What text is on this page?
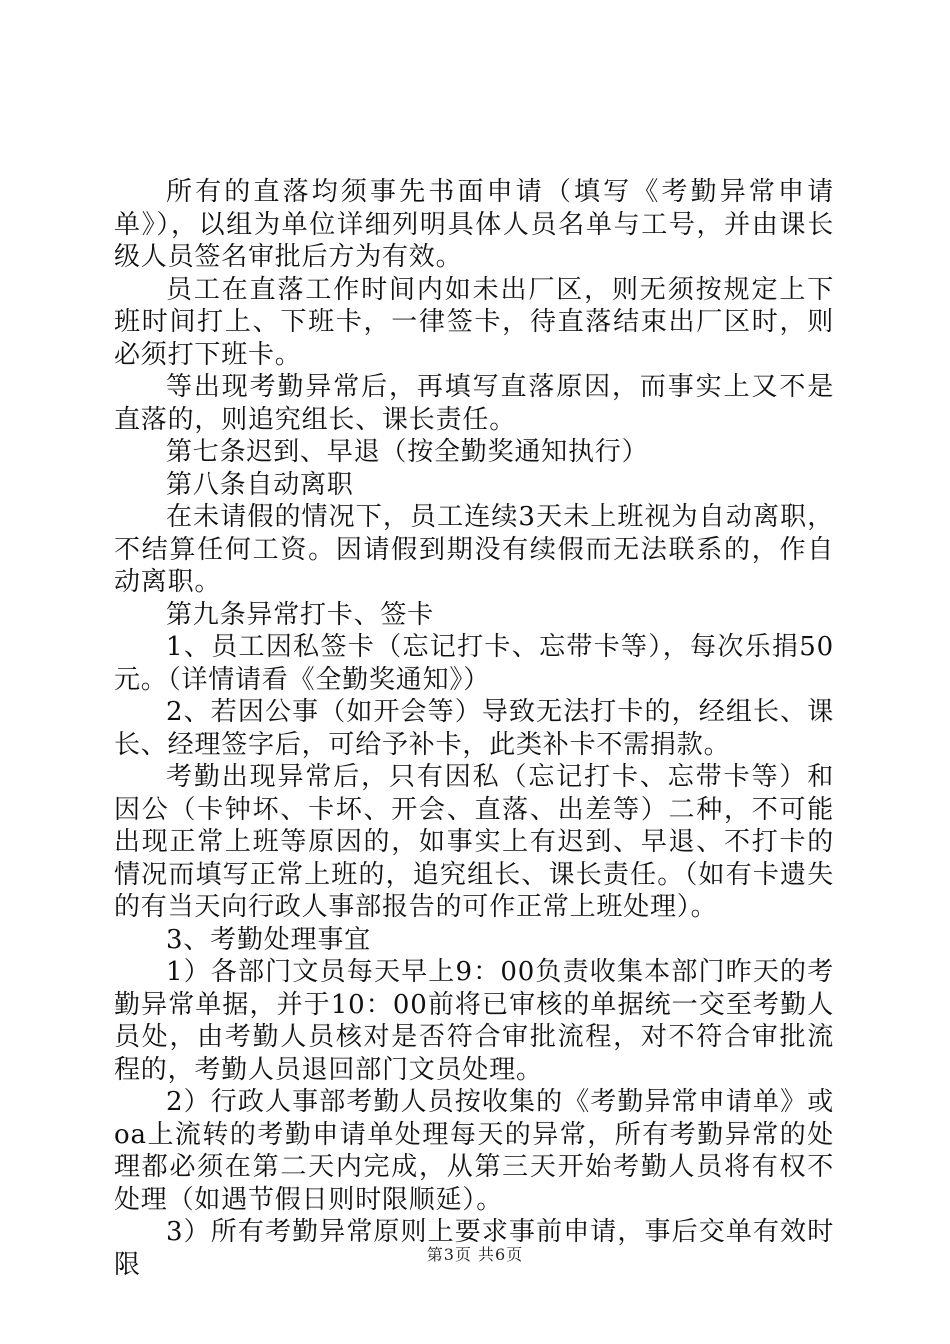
所有的直落均须事先书面申请（填写《考勤异常申请单》），以组为单位详细列明具体人员名单与工号，并由课长级人员签名审批后方为有效。

员工在直落工作时间内如未出厂区，则无须按规定上下班时间打上、下班卡，一律签卡，待直落结束出厂区时，则必须打下班卡。

等出现考勤异常后，再填写直落原因，而事实上又不是直落的，则追究组长、课长责任。

第七条迟到、早退（按全勤奖通知执行）

第八条自动离职

在未请假的情况下，员工连续3天未上班视为自动离职，不结算任何工资。因请假到期没有续假而无法联系的，作自动离职。

第九条异常打卡、签卡

1、员工因私签卡（忘记打卡、忘带卡等），每次乐捐50元。（详情请看《全勤奖通知》）

2、若因公事（如开会等）导致无法打卡的，经组长、课长、经理签字后，可给予补卡，此类补卡不需捐款。

考勤出现异常后，只有因私（忘记打卡、忘带卡等）和因公（卡钟坏、卡坏、开会、直落、出差等）二种，不可能出现正常上班等原因的，如事实上有迟到、早退、不打卡的情况而填写正常上班的，追究组长、课长责任。（如有卡遗失的有当天向行政人事部报告的可作正常上班处理）。

3、考勤处理事宜

1）各部门文员每天早上9：00负责收集本部门昨天的考勤异常单据，并于10：00前将已审核的单据统一交至考勤人员处，由考勤人员核对是否符合审批流程，对不符合审批流程的，考勤人员退回部门文员处理。

2）行政人事部考勤人员按收集的《考勤异常申请单》或oa上流转的考勤申请单处理每天的异常，所有考勤异常的处理都必须在第二天内完成，从第三天开始考勤人员将有权不处理（如遇节假日则时限顺延）。

3）所有考勤异常原则上要求事前申请，事后交单有效时限	第3页 共6页
